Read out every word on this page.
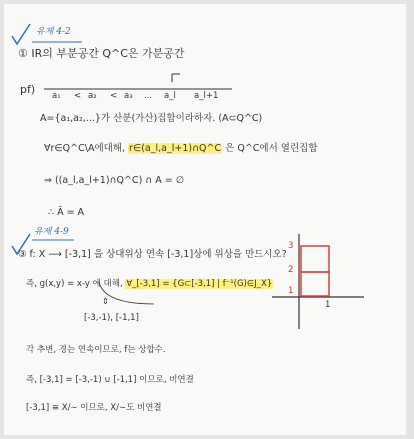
유제 4-2
① IR의 부분공간 Q^C은 가분공간
pf) a₁ < a₂ < a₃ ... a_l a_l+1
A={a₁,a₂,...}가 산분(가산)집합이라하자. (A⊂Q^C)
∀r∈Q^C\A에대해, r∈(a_l,a_l+1)∩Q^C 은 Q^C에서 열린집합
⇒ ((a_l,a_l+1)∩Q^C) ∩ A = ∅
∴ Ā = A
유제 4-9
③ f: X ⟶ [-3,1] 을 상대위상 연속 [-3,1]상에 위상을 만드시오?
즉, g(x,y) = x-y 에 대해, ∀_[-3,1] = {G⊂[-3,1] | f⁻¹(G)∈J_X}
⇕
[-3,-1), [-1,1]
각 추변, 경는 연속이므로, f는 상합수.
즉, [-3,1] = [-3,-1) ∪ [-1,1] 이므로, 비연결
[-3,1] ≅ X/∼ 이므로, X/∼도 비연결
3
2
1
1
